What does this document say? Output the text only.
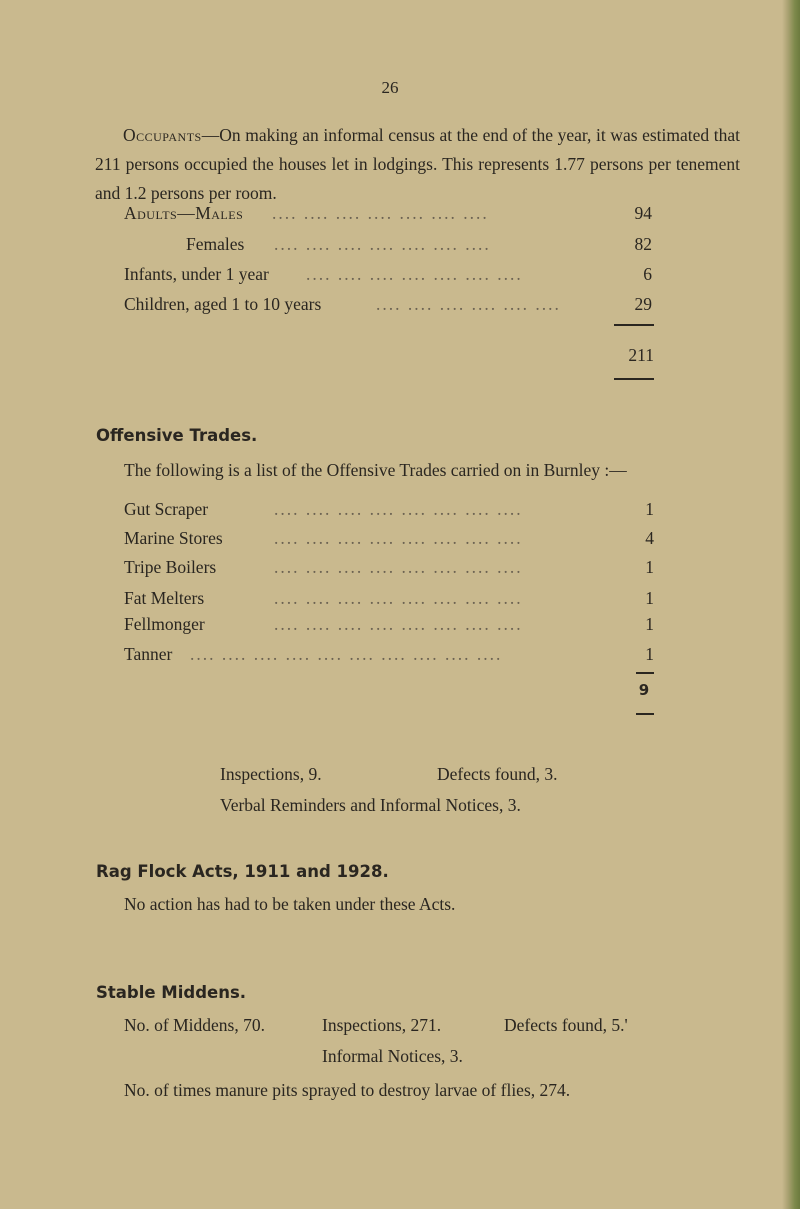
26
Occupants—On making an informal census at the end of the year, it was estimated that 211 persons occupied the houses let in lodgings. This represents 1.77 persons per tenement and 1.2 persons per room.
Adults—Males .... .... .... .... .... .... ....	94
Females .... .... .... .... .... .... ....	82
Infants, under 1 year .... .... .... .... .... .... ....	6
Children, aged 1 to 10 years	.... .... .... .... .... ....	29
211
Offensive Trades.
The following is a list of the Offensive Trades carried on in Burnley :—
Gut Scraper	.... .... .... .... .... .... .... ....	1
Marine Stores	.... .... .... .... .... .... .... ....	4
Tripe Boilers	.... .... .... .... .... .... .... ....	1
Fat Melters	.... .... .... .... .... .... .... ....	1
Fellmonger	.... .... .... .... .... .... .... ....	1
Tanner .... .... .... .... .... .... .... .... .... ....	1
9
Inspections, 9.	Defects found, 3.
Verbal Reminders and Informal Notices, 3.
Rag Flock Acts, 1911 and 1928.
No action has had to be taken under these Acts.
Stable Middens.
No. of Middens, 70.	Inspections, 271.	Defects found, 5.'
Informal Notices, 3.
No. of times manure pits sprayed to destroy larvae of flies, 274.
